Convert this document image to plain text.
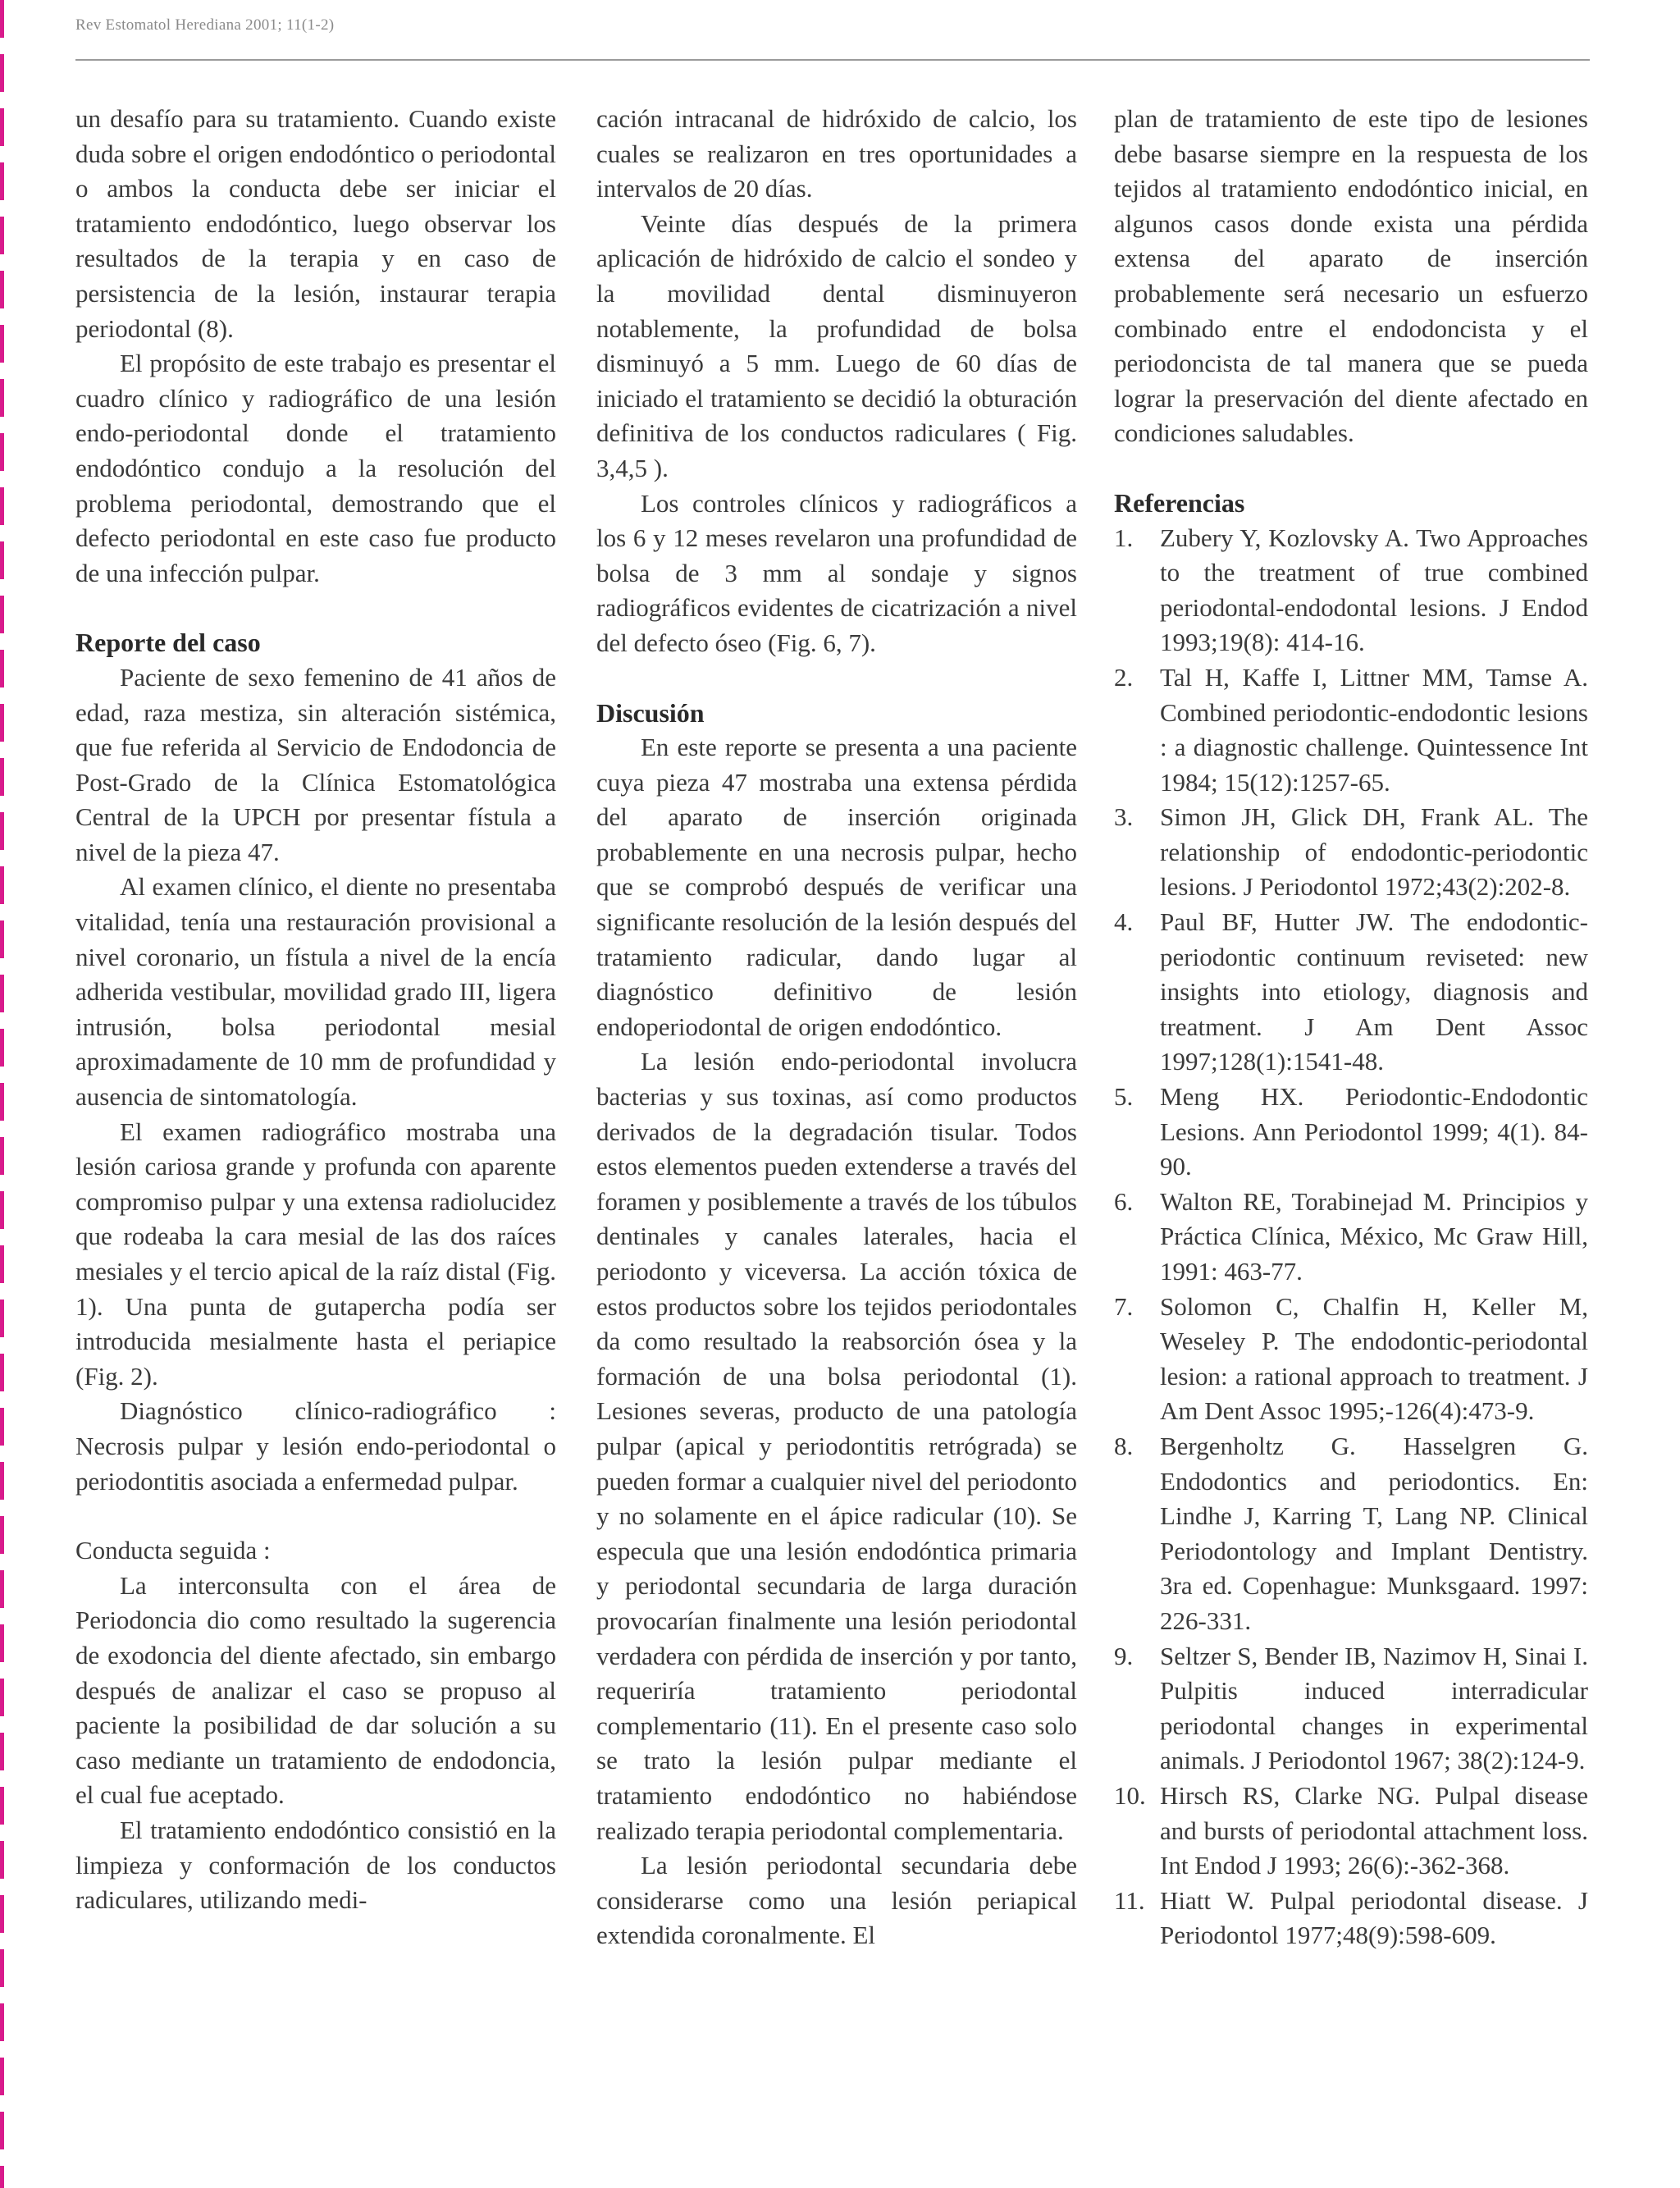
Rev Estomatol Herediana 2001; 11(1-2)

un desafío para su tratamiento. Cuando existe duda sobre el origen endodóntico o periodontal o ambos la conducta debe ser iniciar el tratamiento endodóntico, luego observar los resultados de la terapia y en caso de persistencia de la lesión, instaurar terapia periodontal (8).

El propósito de este trabajo es presentar el cuadro clínico y radiográfico de una lesión endo-periodontal donde el tratamiento endodóntico condujo a la resolución del problema periodontal, demostrando que el defecto periodontal en este caso fue producto de una infección pulpar.

Reporte del caso

Paciente de sexo femenino de 41 años de edad, raza mestiza, sin alteración sistémica, que fue referida al Servicio de Endodoncia de Post-Grado de la Clínica Estomatológica Central de la UPCH por presentar fístula a nivel de la pieza 47.

Al examen clínico, el diente no presentaba vitalidad, tenía una restauración provisional a nivel coronario, un fístula a nivel de la encía adherida vestibular, movilidad grado III, ligera intrusión, bolsa periodontal mesial aproximadamente de 10 mm de profundidad y ausencia de sintomatología.

El examen radiográfico mostraba una lesión cariosa grande y profunda con aparente compromiso pulpar y una extensa radiolucidez que rodeaba la cara mesial de las dos raíces mesiales y el tercio apical de la raíz distal (Fig. 1). Una punta de gutapercha podía ser introducida mesialmente hasta el periapice (Fig. 2).

Diagnóstico clínico-radiográfico : Necrosis pulpar y lesión endo-periodontal o periodontitis asociada a enfermedad pulpar.

Conducta seguida :

La interconsulta con el área de Periodoncia dio como resultado la sugerencia de exodoncia del diente afectado, sin embargo después de analizar el caso se propuso al paciente la posibilidad de dar solución a su caso mediante un tratamiento de endodoncia, el cual fue aceptado.

El tratamiento endodóntico consistió en la limpieza y conformación de los conductos radiculares, utilizando medi-

cación intracanal de hidróxido de calcio, los cuales se realizaron en tres oportunidades a intervalos de 20 días.

Veinte días después de la primera aplicación de hidróxido de calcio el sondeo y la movilidad dental disminuyeron notablemente, la profundidad de bolsa disminuyó a 5 mm. Luego de 60 días de iniciado el tratamiento se decidió la obturación definitiva de los conductos radiculares ( Fig. 3,4,5 ).

Los controles clínicos y radiográficos a los 6 y 12 meses revelaron una profundidad de bolsa de 3 mm al sondaje y signos radiográficos evidentes de cicatrización a nivel del defecto óseo (Fig. 6, 7).

Discusión

En este reporte se presenta a una paciente cuya pieza 47 mostraba una extensa pérdida del aparato de inserción originada probablemente en una necrosis pulpar, hecho que se comprobó después de verificar una significante resolución de la lesión después del tratamiento radicular, dando lugar al diagnóstico definitivo de lesión endoperiodontal de origen endodóntico.

La lesión endo-periodontal involucra bacterias y sus toxinas, así como productos derivados de la degradación tisular. Todos estos elementos pueden extenderse a través del foramen y posiblemente a través de los túbulos dentinales y canales laterales, hacia el periodonto y viceversa. La acción tóxica de estos productos sobre los tejidos periodontales da como resultado la reabsorción ósea y la formación de una bolsa periodontal (1). Lesiones severas, producto de una patología pulpar (apical y periodontitis retrógrada) se pueden formar a cualquier nivel del periodonto y no solamente en el ápice radicular (10). Se especula que una lesión endodóntica primaria y periodontal secundaria de larga duración provocarían finalmente una lesión periodontal verdadera con pérdida de inserción y por tanto, requeriría tratamiento periodontal complementario (11). En el presente caso solo se trato la lesión pulpar mediante el tratamiento endodóntico no habiéndose realizado terapia periodontal complementaria.

La lesión periodontal secundaria debe considerarse como una lesión periapical extendida coronalmente. El

plan de tratamiento de este tipo de lesiones debe basarse siempre en la respuesta de los tejidos al tratamiento endodóntico inicial, en algunos casos donde exista una pérdida extensa del aparato de inserción probablemente será necesario un esfuerzo combinado entre el endodoncista y el periodoncista de tal manera que se pueda lograr la preservación del diente afectado en condiciones saludables.

Referencias
1.	Zubery Y, Kozlovsky A. Two Approaches to the treatment of true combined periodontal-endodontal lesions. J Endod 1993;19(8): 414-16.
2.	Tal H, Kaffe I, Littner MM, Tamse A. Combined periodontic-endodontic lesions : a diagnostic challenge. Quintessence Int 1984; 15(12):1257-65.
3.	Simon JH, Glick DH, Frank AL. The relationship of endodontic-periodontic lesions. J Periodontol 1972;43(2):202-8.
4.	Paul BF, Hutter JW. The endodontic-periodontic continuum reviseted: new insights into etiology, diagnosis and treatment. J Am Dent Assoc 1997;128(1):1541-48.
5.	Meng HX. Periodontic-Endodontic Lesions. Ann Periodontol 1999; 4(1). 84-90.
6.	Walton RE, Torabinejad M. Principios y Práctica Clínica, México, Mc Graw Hill, 1991: 463-77.
7.	Solomon C, Chalfin H, Keller M, Weseley P. The endodontic-periodontal lesion: a rational approach to treatment. J Am Dent Assoc 1995;-126(4):473-9.
8.	Bergenholtz G. Hasselgren G. Endodontics and periodontics. En: Lindhe J, Karring T, Lang NP. Clinical Periodontology and Implant Dentistry. 3ra ed. Copenhague: Munksgaard. 1997: 226-331.
9.	Seltzer S, Bender IB, Nazimov H, Sinai I. Pulpitis induced interradicular periodontal changes in experimental animals. J Periodontol 1967; 38(2):124-9.
10. Hirsch RS, Clarke NG. Pulpal disease and bursts of periodontal attachment loss. Int Endod J 1993; 26(6):-362-368.
11. Hiatt W. Pulpal periodontal disease. J Periodontol 1977;48(9):598-609.
